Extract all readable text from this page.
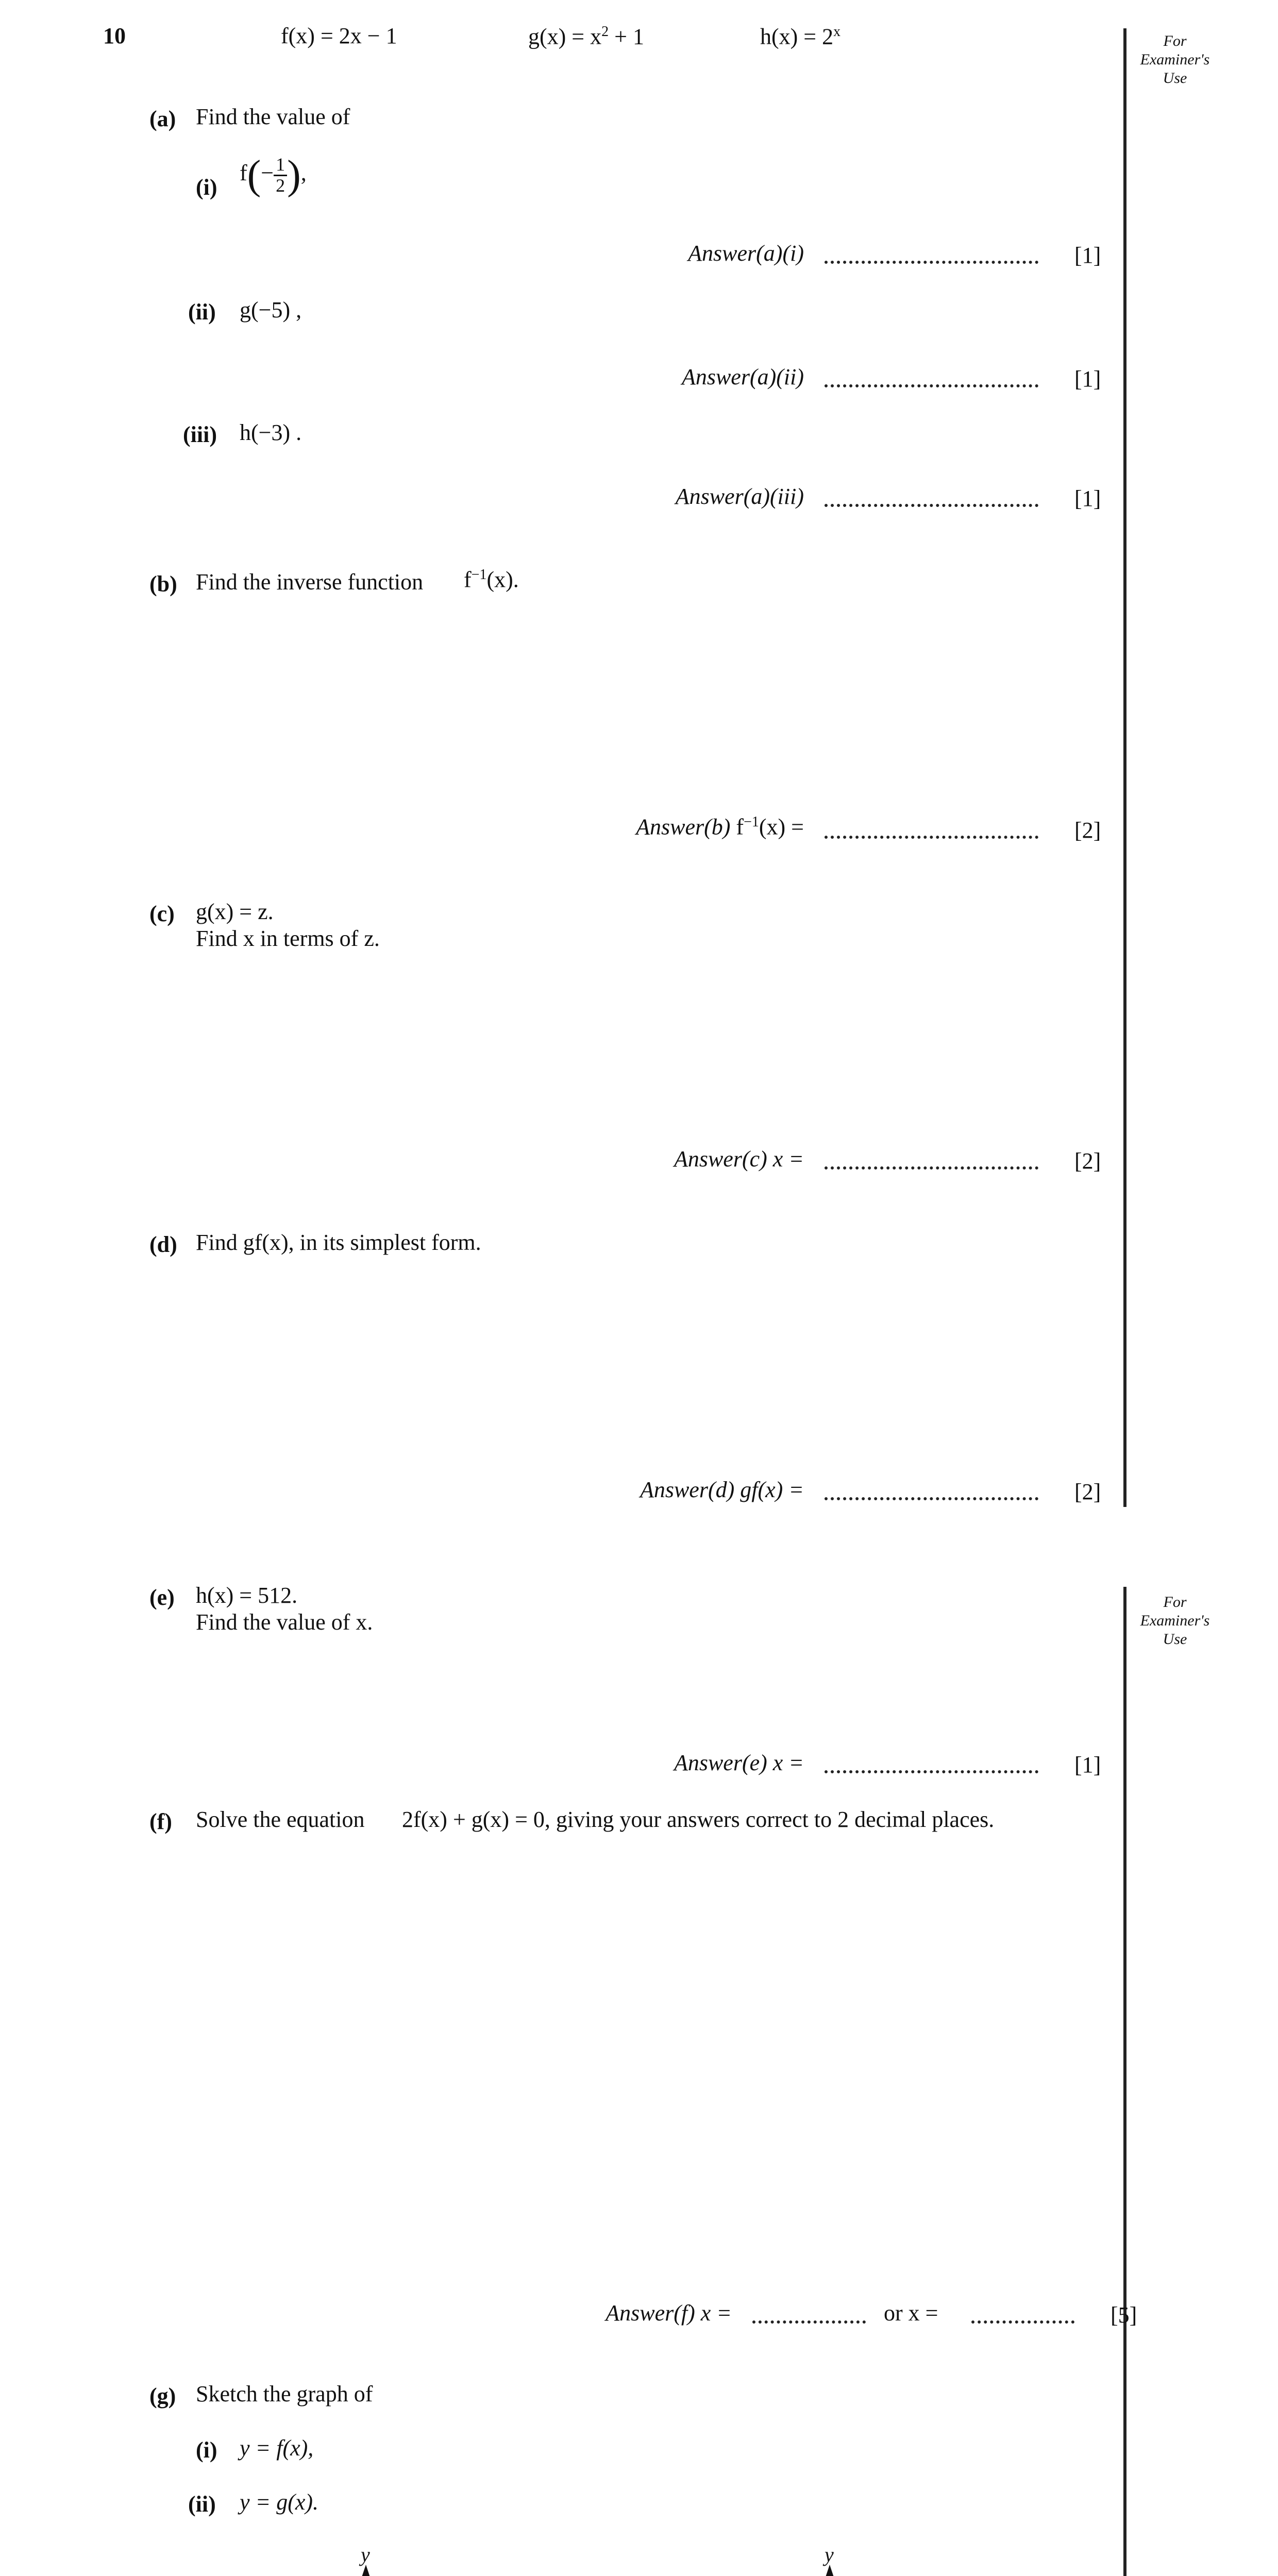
10	f(x) = 2x − 1	$g(x) = x^2 + 1$	$h(x) = 2^x$
For Examiner's Use
(a) Find the value of
(i)
$f(- \frac{1}{2}$ ),
Answer(a)(i)	[1]
(ii) g(−5) ,
Answer(a)(ii)	[1]
(iii) h(−3) .
Answer(a)(iii)	[1]
(b) Find the inverse function $f^{-1}(x)$.
Answer(b) $f^{-1}(x)$ =	[2]
(c) g(x) = z.
Find x in terms of z.
Answer(c) x =	[2]
(d) Find gf(x), in its simplest form.
Answer(d) gf(x) =	[2]
For Examiner's Use
(e) h(x) = 512.
Find the value of x.
Answer(e) x =	[1]
(f) Solve the equation 2f(x) + g(x) = 0, giving your answers correct to 2 decimal places.
Answer(f) x =	or x =	[5]
(g) Sketch the graph of
(i) y = f(x),
(ii) y = g(x).
y	y
